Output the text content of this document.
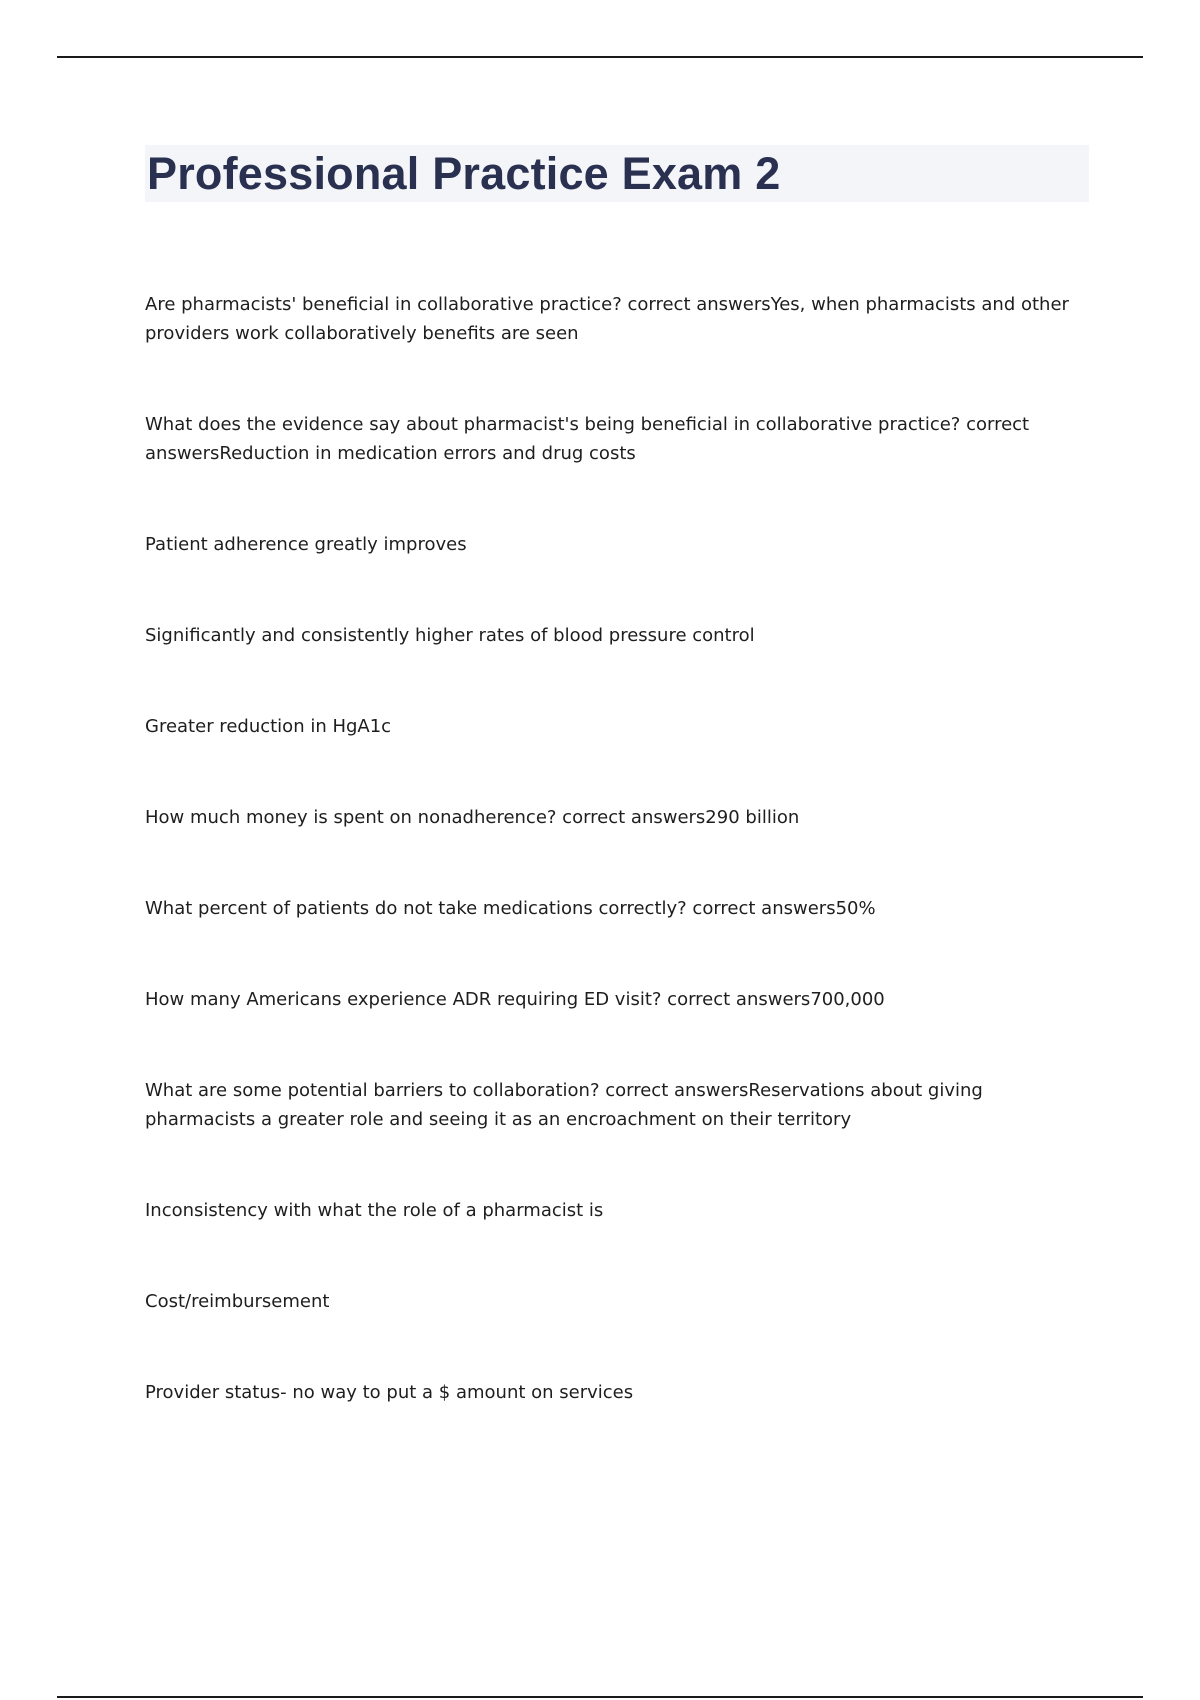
Professional Practice Exam 2
Are pharmacists' beneficial in collaborative practice? correct answersYes, when pharmacists and other providers work collaboratively benefits are seen
What does the evidence say about pharmacist's being beneficial in collaborative practice? correct answersReduction in medication errors and drug costs
Patient adherence greatly improves
Significantly and consistently higher rates of blood pressure control
Greater reduction in HgA1c
How much money is spent on nonadherence? correct answers290 billion
What percent of patients do not take medications correctly? correct answers50%
How many Americans experience ADR requiring ED visit? correct answers700,000
What are some potential barriers to collaboration? correct answersReservations about giving pharmacists a greater role and seeing it as an encroachment on their territory
Inconsistency with what the role of a pharmacist is
Cost/reimbursement
Provider status- no way to put a $ amount on services
